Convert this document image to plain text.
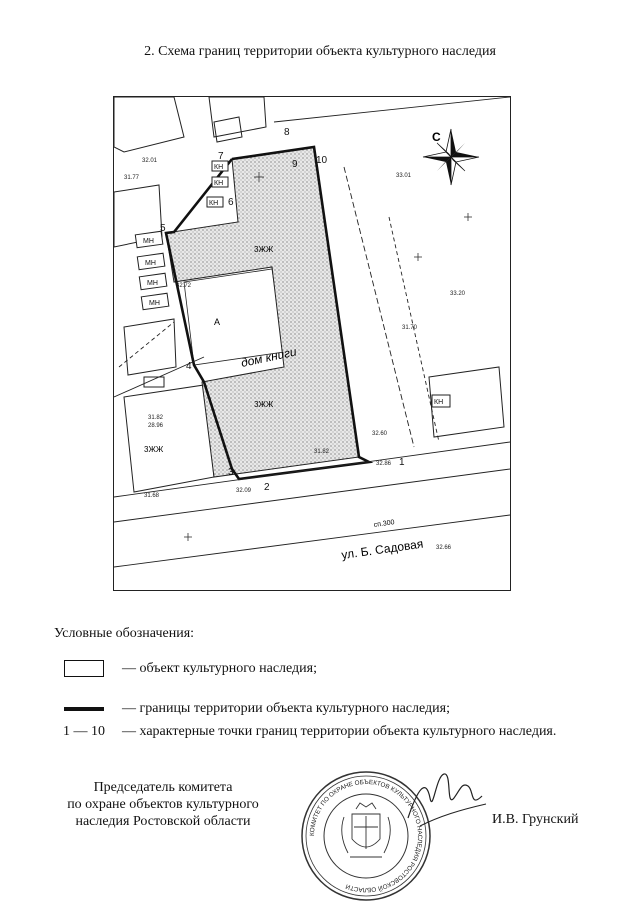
2. Схема границ территории объекта культурного наследия
МН
МН
МН
МН
А
дом книги
3ЖЖ
3ЖЖ
3ЖЖ
КН
КН
КН
КН
ул. Б. Садовая
сп.300
1
2
3
4
5
6
7
8
9 10
32.01
31.77	33.01
32.72
31.82
28.96
32.86
32.60
31.82
32.66
33.20
31.70
32.09
31.68
С
Условные обозначения:
— объект культурного наследия;
— границы территории объекта культурного наследия;
1 — 10 — характерные точки границ территории объекта культурного наследия.
Председатель комитета
по охране объектов культурного
наследия Ростовской области
КОМИТЕТ ПО ОХРАНЕ ОБЪЕКТОВ КУЛЬТУРНОГО НАСЛЕДИЯ РОСТОВСКОЙ ОБЛАСТИ
И.В. Грунский
